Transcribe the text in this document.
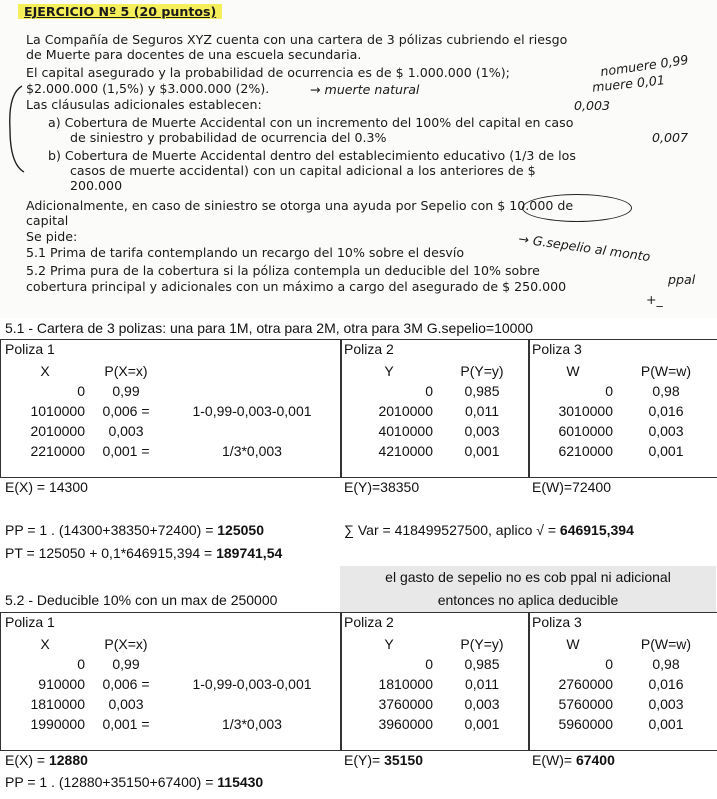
EJERCICIO Nº 5 (20 puntos)
La Compañía de Seguros XYZ cuenta con una cartera de 3 pólizas cubriendo el riesgo
de Muerte para docentes de una escuela secundaria.
El capital asegurado y la probabilidad de ocurrencia es de $ 1.000.000 (1%);
$2.000.000 (1,5%) y $3.000.000 (2%).
Las cláusulas adicionales establecen:
a) Cobertura de Muerte Accidental con un incremento del 100% del capital en caso
de siniestro y probabilidad de ocurrencia del 0.3%
b) Cobertura de Muerte Accidental dentro del establecimiento educativo (1/3 de los
casos de muerte accidental) con un capital adicional a los anteriores de $
200.000
Adicionalmente, en caso de siniestro se otorga una ayuda por Sepelio con $ 10.000 de
capital
Se pide:
5.1 Prima de tarifa contemplando un recargo del 10% sobre el desvío
5.2 Prima pura de la cobertura si la póliza contempla un deducible del 10% sobre
cobertura principal y adicionales con un máximo a cargo del asegurado de $ 250.000
nomuere 0,99
muere 0,01
0,003
0,007
→ muerte natural
→ G.sepelio al monto
ppal
+_
5.1 - Cartera de 3 polizas: una para 1M, otra para 2M, otra para 3M G.sepelio=10000
Poliza 1
X	P(X=x)	
0	0,99	
1010000	0,006 =	1-0,99-0,003-0,001
2010000	0,003	
2210000	0,001 =	1/3*0,003
Poliza 2
Y	P(Y=y)
0	0,985
2010000	0,011
4010000	0,003
4210000	0,001
Poliza 3
W	P(W=w)
0	0,98
3010000	0,016
6010000	0,003
6210000	0,001
E(X) = 14300	E(Y)=38350	E(W)=72400
PP = 1 . (14300+38350+72400) = 125050	∑ Var = 418499527500, aplico √ = 646915,394
PT = 125050 + 0,1*646915,394 = 189741,54
el gasto de sepelio no es cob ppal ni adicional
entonces no aplica deducible
5.2 - Deducible 10% con un max de 250000
Poliza 1
X	P(X=x)	
0	0,99	
910000	0,006 =	1-0,99-0,003-0,001
1810000	0,003	
1990000	0,001 =	1/3*0,003
Poliza 2
Y	P(Y=y)
0	0,985
1810000	0,011
3760000	0,003
3960000	0,001
Poliza 3
W	P(W=w)
0	0,98
2760000	0,016
5760000	0,003
5960000	0,001
E(X) = 12880	E(Y)= 35150	E(W)= 67400
PP = 1 . (12880+35150+67400) = 115430
